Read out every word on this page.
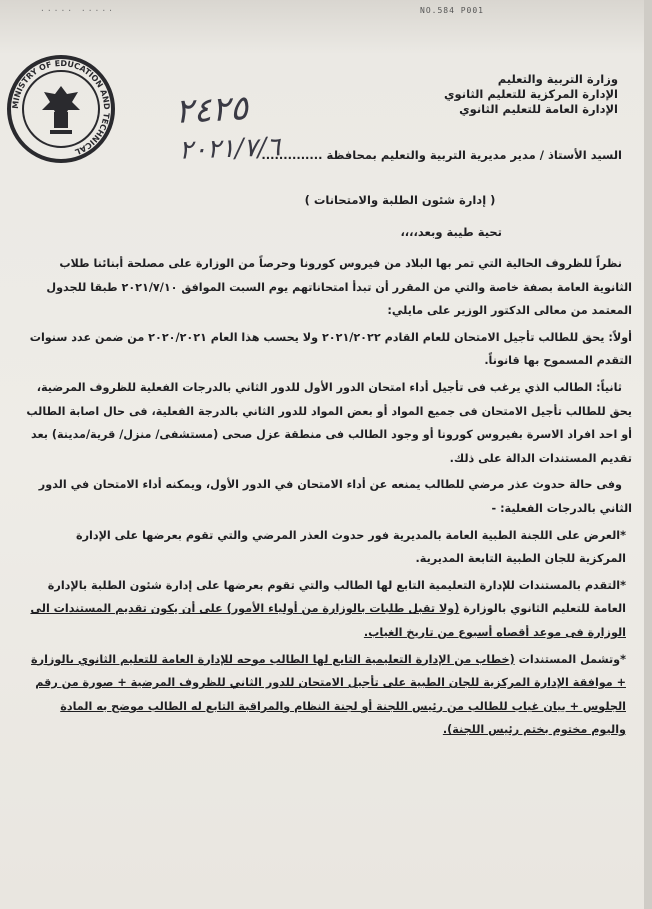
..... .....	NO.584 P001
MINISTRY OF EDUCATION AND TECHNICAL
وزارة التربية والتعليم
الإدارة المركزية للتعليم الثانوي
الإدارة العامة للتعليم الثانوي
٢٤٢٥
٢٠٢١/٧/٦
السيد الأستاذ / مدير مديرية التربية والتعليم بمحافظة ..............
( إدارة شئون الطلبة والامتحانات )
تحية طيبة وبعد،،،،

نظراً للظروف الحالية التي تمر بها البلاد من فيروس كورونا وحرصاً من الوزارة على مصلحة أبنائنا طلاب الثانوية العامة بصفة خاصة والتي من المقرر أن تبدأ امتحاناتهم يوم السبت الموافق ٢٠٢١/٧/١٠ طبقا للجدول المعتمد من معالى الدكتور الوزير على مايلي:

أولاً: يحق للطالب تأجيل الامتحان للعام القادم ٢٠٢١/٢٠٢٢ ولا يحسب هذا العام ٢٠٢٠/٢٠٢١ من ضمن عدد سنوات التقدم المسموح بها قانوناً.

ثانياً: الطالب الذي يرغب فى تأجيل أداء امتحان الدور الأول للدور الثاني بالدرجات الفعلية للظروف المرضية، يحق للطالب تأجيل الامتحان فى جميع المواد أو بعض المواد للدور الثاني بالدرجة الفعلية، فى حال اصابة الطالب أو احد افراد الاسرة بفيروس كورونا أو وجود الطالب فى منطقة عزل صحى (مستشفى/ منزل/ قرية/مدينة) بعد تقديم المستندات الدالة على ذلك.

وفى حالة حدوث عذر مرضي للطالب يمنعه عن أداء الامتحان في الدور الأول، ويمكنه أداء الامتحان في الدور الثاني بالدرجات الفعلية: -

*العرض على اللجنة الطبية العامة بالمديرية فور حدوث العذر المرضي والتي تقوم بعرضها على الإدارة المركزية للجان الطبية التابعة المديرية.

*التقدم بالمستندات للإدارة التعليمية التابع لها الطالب والتي تقوم بعرضها على إدارة شئون الطلبة بالإدارة العامة للتعليم الثانوي بالوزارة (ولا تقبل طلبات بالوزارة من أولياء الأمور) على أن يكون تقديم المستندات الى الوزارة فى موعد أقصاه أسبوع من تاريخ الغياب.

*وتشمل المستندات (خطاب من الإدارة التعليمية التابع لها الطالب موجه للإدارة العامة للتعليم الثانوي بالوزارة + موافقة الإدارة المركزية للجان الطبية على تأجيل الامتحان للدور الثاني للظروف المرضية + صورة من رقم الجلوس + بيان غياب للطالب من رئيس اللجنة أو لجنة النظام والمراقبة التابع له الطالب موضح به المادة واليوم مختوم بختم رئيس اللجنة).
